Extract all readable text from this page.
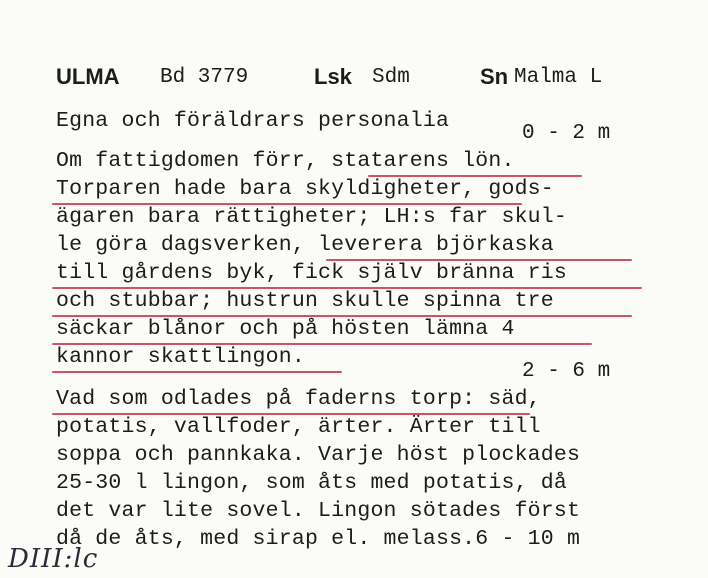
ULMA Bd 3779	Lsk Sdm	Sn Malma L
Egna och föräldrars personalia
0 - 2 m
Om fattigdomen förr, statarens lön.
Torparen hade bara skyldigheter, gods-
ägaren bara rättigheter; LH:s far skul-
le göra dagsverken, leverera björkaska
till gårdens byk, fick själv bränna ris
och stubbar; hustrun skulle spinna tre
säckar blånor och på hösten lämna 4
kannor skattlingon.
2 - 6 m
Vad som odlades på faderns torp: säd,
potatis, vallfoder, ärter. Ärter till
soppa och pannkaka. Varje höst plockades
25-30 l lingon, som åts med potatis, då
det var lite sovel. Lingon sötades först
då de åts, med sirap el. melass.6 - 10 m
DIII:lc
